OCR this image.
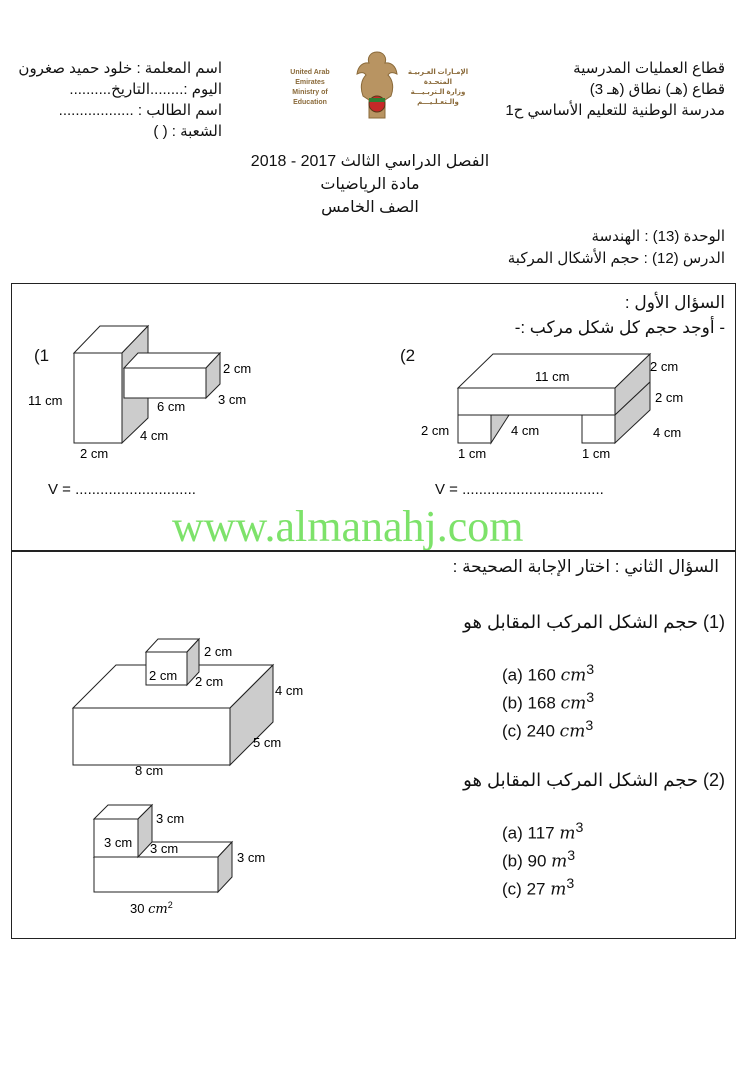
قطاع العمليات المدرسية
قطاع (هـ) نطاق (هـ 3)
مدرسة الوطنية للتعليم الأساسي ح1
اسم المعلمة : خلود حميد صغرون
اليوم :........التاريخ..........
اسم الطالب : ..................
الشعبة : ( )
United Arab Emirates
Ministry of Education
الإمـارات العـربيـة المتحـدة
وزارة الـتربـيـــة والـتعـلـيـــم
الفصل الدراسي الثالث 2017 - 2018
مادة الرياضيات
الصف الخامس
الوحدة (13) : الهندسة
الدرس (12) : حجم الأشكال المركبة
السؤال الأول :
- أوجد حجم كل شكل مركب :-
(1
11 cm
2 cm
4 cm
6 cm	3 cm
2 cm
V = .............................
(2
11 cm
2 cm
2 cm
2 cm	4 cm	4 cm
1 cm	1 cm
V = ..................................
www.almanahj.com
السؤال الثاني : اختار الإجابة الصحيحة :
(1) حجم الشكل المركب المقابل هو
2 cm
2 cm 2 cm
4 cm
5 cm
8 cm
(a) 160 $cm^3$
(b) 168 $cm^3$
(c) 240 $cm^3$
(2) حجم الشكل المركب المقابل هو
3 cm
3 cm 3 cm
3 cm
30 $cm^2$
(a) 117 $m^3$
(b) 90 $m^3$
(c) 27 $m^3$
